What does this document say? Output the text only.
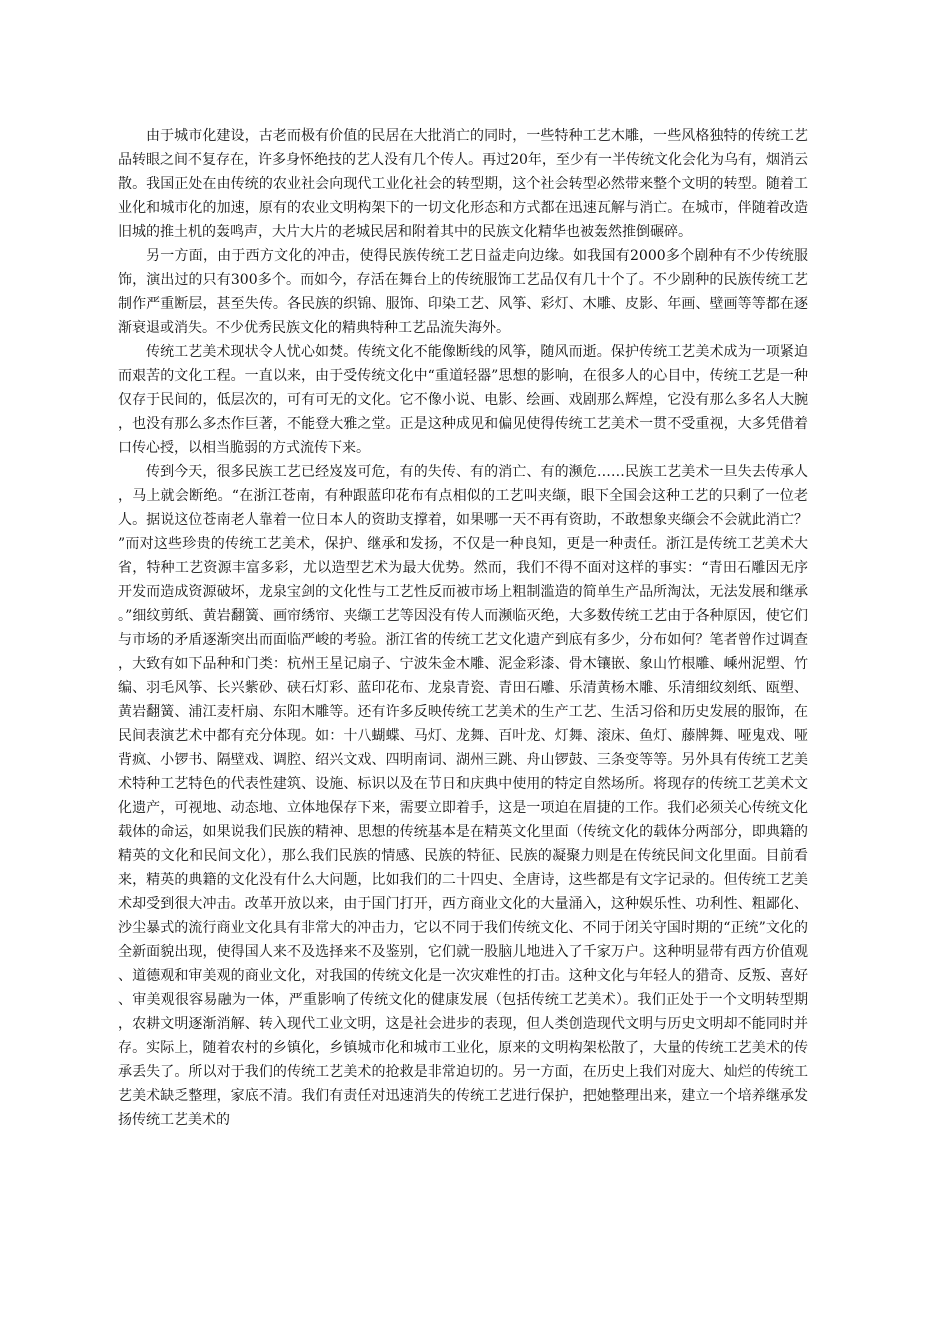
由于城市化建设，古老而极有价值的民居在大批消亡的同时，一些特种工艺木雕，一些风格独特的传统工艺品转眼之间不复存在，许多身怀绝技的艺人没有几个传人。再过20年，至少有一半传统文化会化为乌有，烟消云散。我国正处在由传统的农业社会向现代工业化社会的转型期，这个社会转型必然带来整个文明的转型。随着工业化和城市化的加速，原有的农业文明构架下的一切文化形态和方式都在迅速瓦解与消亡。在城市，伴随着改造旧城的推土机的轰鸣声，大片大片的老城民居和附着其中的民族文化精华也被轰然推倒碾碎。

另一方面，由于西方文化的冲击，使得民族传统工艺日益走向边缘。如我国有2000多个剧种有不少传统服饰，演出过的只有300多个。而如今，存活在舞台上的传统服饰工艺品仅有几十个了。不少剧种的民族传统工艺制作严重断层，甚至失传。各民族的织锦、服饰、印染工艺、风筝、彩灯、木雕、皮影、年画、壁画等等都在逐渐衰退或消失。不少优秀民族文化的精典特种工艺品流失海外。

传统工艺美术现状令人忧心如焚。传统文化不能像断线的风筝，随风而逝。保护传统工艺美术成为一项紧迫而艰苦的文化工程。一直以来，由于受传统文化中“重道轻器”思想的影响，在很多人的心目中，传统工艺是一种仅存于民间的，低层次的，可有可无的文化。它不像小说、电影、绘画、戏剧那么辉煌，它没有那么多名人大腕，也没有那么多杰作巨著，不能登大雅之堂。正是这种成见和偏见使得传统工艺美术一贯不受重视，大多凭借着口传心授，以相当脆弱的方式流传下来。

传到今天，很多民族工艺已经岌岌可危，有的失传、有的消亡、有的濒危……民族工艺美术一旦失去传承人，马上就会断绝。“在浙江苍南，有种跟蓝印花布有点相似的工艺叫夹缬，眼下全国会这种工艺的只剩了一位老人。据说这位苍南老人靠着一位日本人的资助支撑着，如果哪一天不再有资助，不敢想象夹缬会不会就此消亡？”而对这些珍贵的传统工艺美术，保护、继承和发扬，不仅是一种良知，更是一种责任。浙江是传统工艺美术大省，特种工艺资源丰富多彩，尤以造型艺术为最大优势。然而，我们不得不面对这样的事实：“青田石雕因无序开发而造成资源破坏，龙泉宝剑的文化性与工艺性反而被市场上粗制滥造的简单生产品所淘汰，无法发展和继承。”细纹剪纸、黄岩翻簧、画帘绣帘、夹缬工艺等因没有传人而濒临灭绝，大多数传统工艺由于各种原因，使它们与市场的矛盾逐渐突出而面临严峻的考验。浙江省的传统工艺文化遗产到底有多少，分布如何？笔者曾作过调查，大致有如下品种和门类：杭州王星记扇子、宁波朱金木雕、泥金彩漆、骨木镶嵌、象山竹根雕、嵊州泥塑、竹编、羽毛风筝、长兴紫砂、硖石灯彩、蓝印花布、龙泉青瓷、青田石雕、乐清黄杨木雕、乐清细纹刻纸、瓯塑、黄岩翻簧、浦江麦杆扇、东阳木雕等。还有许多反映传统工艺美术的生产工艺、生活习俗和历史发展的服饰，在民间表演艺术中都有充分体现。如：十八蝴蝶、马灯、龙舞、百叶龙、灯舞、滚床、鱼灯、藤牌舞、哑鬼戏、哑背疯、小锣书、隔壁戏、调腔、绍兴文戏、四明南词、湖州三跳、舟山锣鼓、三条变等等。另外具有传统工艺美术特种工艺特色的代表性建筑、设施、标识以及在节日和庆典中使用的特定自然场所。将现存的传统工艺美术文化遗产，可视地、动态地、立体地保存下来，需要立即着手，这是一项迫在眉捷的工作。我们必须关心传统文化载体的命运，如果说我们民族的精神、思想的传统基本是在精英文化里面（传统文化的载体分两部分，即典籍的精英的文化和民间文化），那么我们民族的情感、民族的特征、民族的凝聚力则是在传统民间文化里面。目前看来，精英的典籍的文化没有什么大问题，比如我们的二十四史、全唐诗，这些都是有文字记录的。但传统工艺美术却受到很大冲击。改革开放以来，由于国门打开，西方商业文化的大量涌入，这种娱乐性、功利性、粗鄙化、沙尘暴式的流行商业文化具有非常大的冲击力，它以不同于我们传统文化、不同于闭关守国时期的“正统”文化的全新面貌出现，使得国人来不及选择来不及鉴别，它们就一股脑儿地进入了千家万户。这种明显带有西方价值观、道德观和审美观的商业文化，对我国的传统文化是一次灾难性的打击。这种文化与年轻人的猎奇、反叛、喜好、审美观很容易融为一体，严重影响了传统文化的健康发展（包括传统工艺美术）。我们正处于一个文明转型期，农耕文明逐渐消解、转入现代工业文明，这是社会进步的表现，但人类创造现代文明与历史文明却不能同时并存。实际上，随着农村的乡镇化，乡镇城市化和城市工业化，原来的文明构架松散了，大量的传统工艺美术的传承丢失了。所以对于我们的传统工艺美术的抢救是非常迫切的。另一方面，在历史上我们对庞大、灿烂的传统工艺美术缺乏整理，家底不清。我们有责任对迅速消失的传统工艺进行保护，把她整理出来，建立一个培养继承发扬传统工艺美术的
